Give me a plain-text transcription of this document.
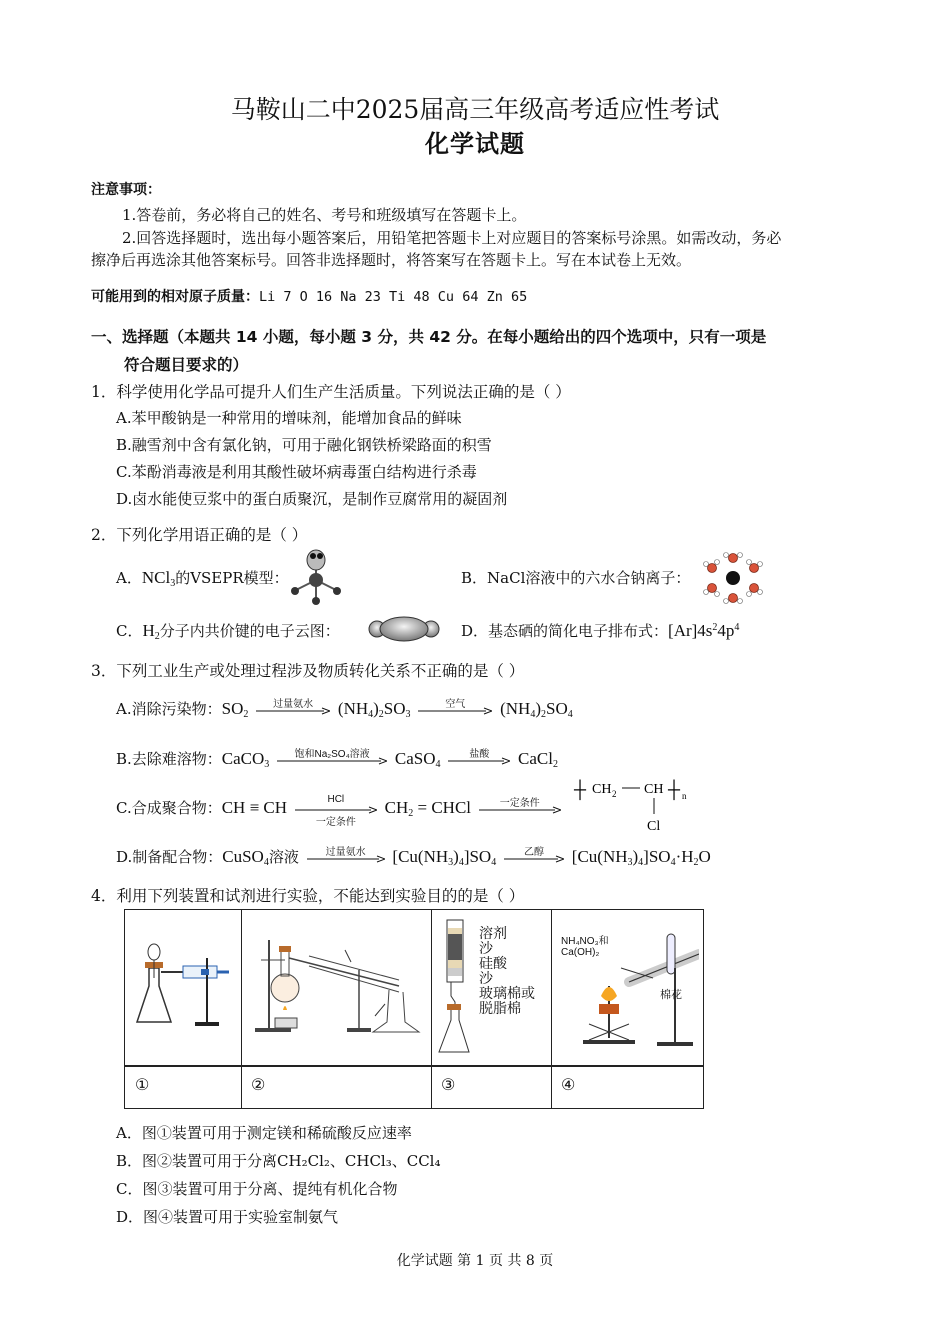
马鞍山二中2025届高三年级高考适应性考试
化学试题
注意事项：
1.答卷前，务必将自己的姓名、考号和班级填写在答题卡上。
2.回答选择题时，选出每小题答案后，用铅笔把答题卡上对应题目的答案标号涂黑。如需改动，务必
擦净后再选涂其他答案标号。回答非选择题时，将答案写在答题卡上。写在本试卷上无效。
可能用到的相对原子质量：Li 7 O 16 Na 23 Ti 48 Cu 64 Zn 65
一、选择题（本题共 14 小题，每小题 3 分，共 42 分。在每小题给出的四个选项中，只有一项是
符合题目要求的）
1．科学使用化学品可提升人们生产生活质量。下列说法正确的是（ ）
A.苯甲酸钠是一种常用的增味剂，能增加食品的鲜味
B.融雪剂中含有氯化钠，可用于融化钢铁桥梁路面的积雪
C.苯酚消毒液是利用其酸性破坏病毒蛋白结构进行杀毒
D.卤水能使豆浆中的蛋白质聚沉，是制作豆腐常用的凝固剂
2．下列化学用语正确的是（ ）
A．NCl$_3$的VSEPR模型：	B．NaCl溶液中的六水合钠离子：
C．$H_2$分子内共价键的电子云图：	D．基态硒的简化电子排布式：$[Ar]4s^24p^4$
3．下列工业生产或处理过程涉及物质转化关系不正确的是（ ）
A.消除污染物：$SO_2$
过量氨水	$(NH_4)_2SO_3$
空气	$(NH_4)_2SO_4$
B.去除难溶物：CaCO$_3$
饱和Na₂SO₄溶液	CaSO$_4$
盐酸	CaCl$_2$
C.合成聚合物：CH ≡ CH	HCl
一定条件
$CH_2$ = CHCl	一定条件
┼ CH 2 CH ┼ n
Cl
D.制备配合物：CuSO$_4$溶液	过量氨水	$[Cu(NH_3)_4]SO_4$
乙醇	$[Cu(NH_3)_4]SO_4\cdot H_2O$
4．利用下列装置和试剂进行实验，不能达到实验目的的是（ ）
溶剂
沙
硅酸
沙
玻璃棉或
脱脂棉
NH₄NO₃和
Ca(OH)₂
棉花
①	②	③	④
A．图①装置可用于测定镁和稀硫酸反应速率
B．图②装置可用于分离CH₂Cl₂、CHCl₃、CCl₄
C．图③装置可用于分离、提纯有机化合物
D．图④装置可用于实验室制氨气
化学试题 第 1 页 共 8 页
